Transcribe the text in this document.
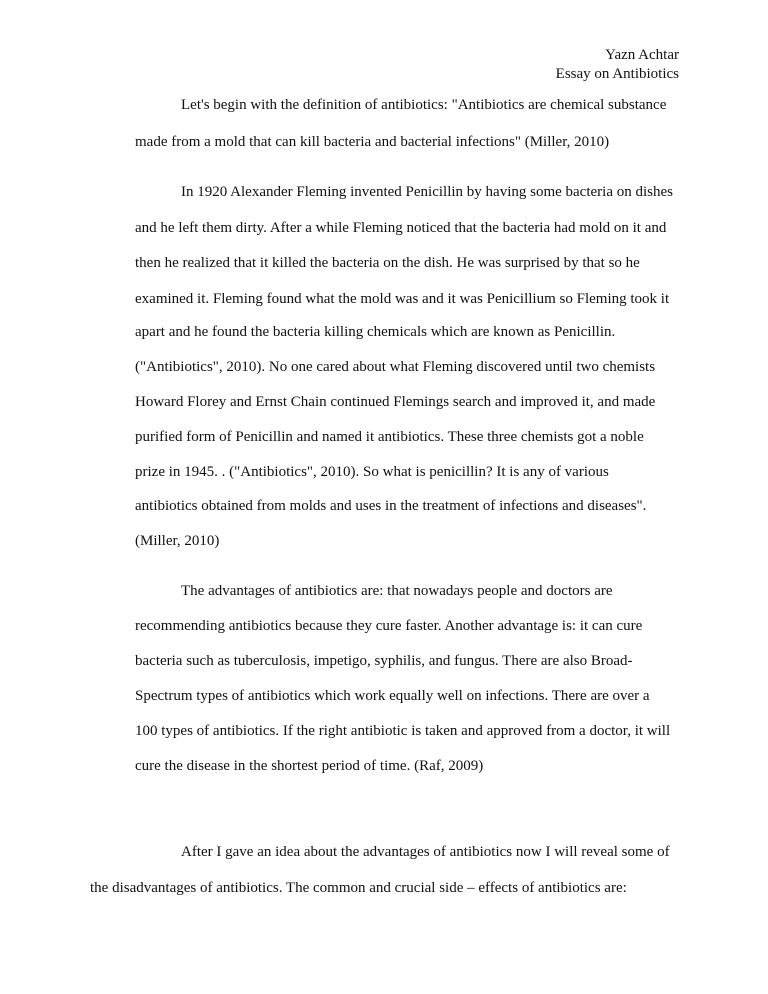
Yazn Achtar
Essay on Antibiotics
Let's begin with the definition of antibiotics: "Antibiotics are chemical substance
made from a mold that can kill bacteria and bacterial infections" (Miller, 2010)
In 1920 Alexander Fleming invented Penicillin by having some bacteria on dishes
and he left them dirty. After a while Fleming noticed that the bacteria had mold on it and
then he realized that it killed the bacteria on the dish. He was surprised by that so he
examined it. Fleming found what the mold was and it was Penicillium so Fleming took it
apart and he found the bacteria killing chemicals which are known as Penicillin.
("Antibiotics", 2010). No one cared about what Fleming discovered until two chemists
Howard Florey and Ernst Chain continued Flemings search and improved it, and made
purified form of Penicillin and named it antibiotics. These three chemists got a noble
prize in 1945. . ("Antibiotics", 2010). So what is penicillin? It is any of various
antibiotics obtained from molds and uses in the treatment of infections and diseases".
(Miller, 2010)
The advantages of antibiotics are: that nowadays people and doctors are
recommending antibiotics because they cure faster. Another advantage is: it can cure
bacteria such as tuberculosis, impetigo, syphilis, and fungus. There are also Broad-
Spectrum types of antibiotics which work equally well on infections. There are over a
100 types of antibiotics. If the right antibiotic is taken and approved from a doctor, it will
cure the disease in the shortest period of time. (Raf, 2009)
After I gave an idea about the advantages of antibiotics now I will reveal some of
the disadvantages of antibiotics. The common and crucial side – effects of antibiotics are:
